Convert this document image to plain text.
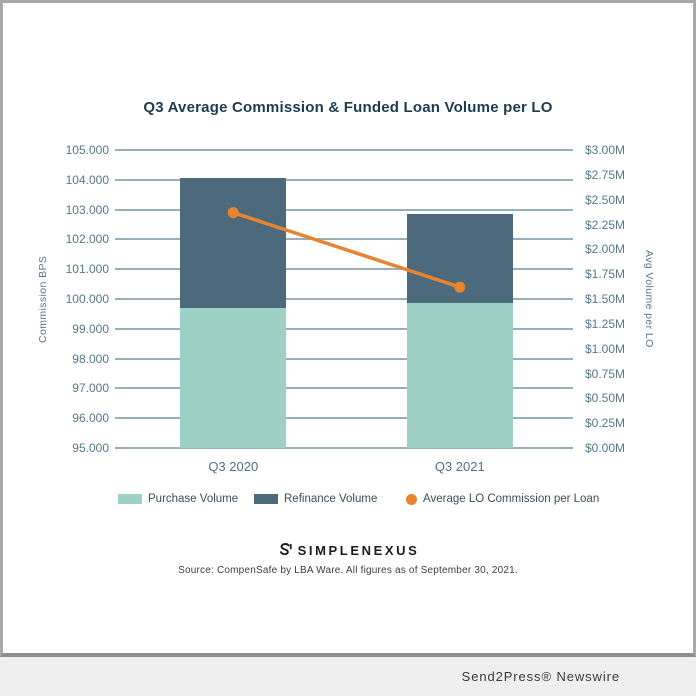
Q3 Average Commission & Funded Loan Volume per LO
105.000
104.000
103.000
102.000
101.000
100.000
99.000
98.000
97.000
96.000
95.000
$3.00M
$2.75M
$2.50M
$2.25M
$2.00M
$1.75M
$1.50M
$1.25M
$1.00M
$0.75M
$0.50M
$0.25M
$0.00M
Q3 2020	Q3 2021
Commission BPS	Avg Volume per LO
Purchase Volume	Refinance Volume	Average LO Commission per Loan
SIMPLENEXUS
Source: CompenSafe by LBA Ware. All figures as of September 30, 2021.
Send2Press® Newswire
